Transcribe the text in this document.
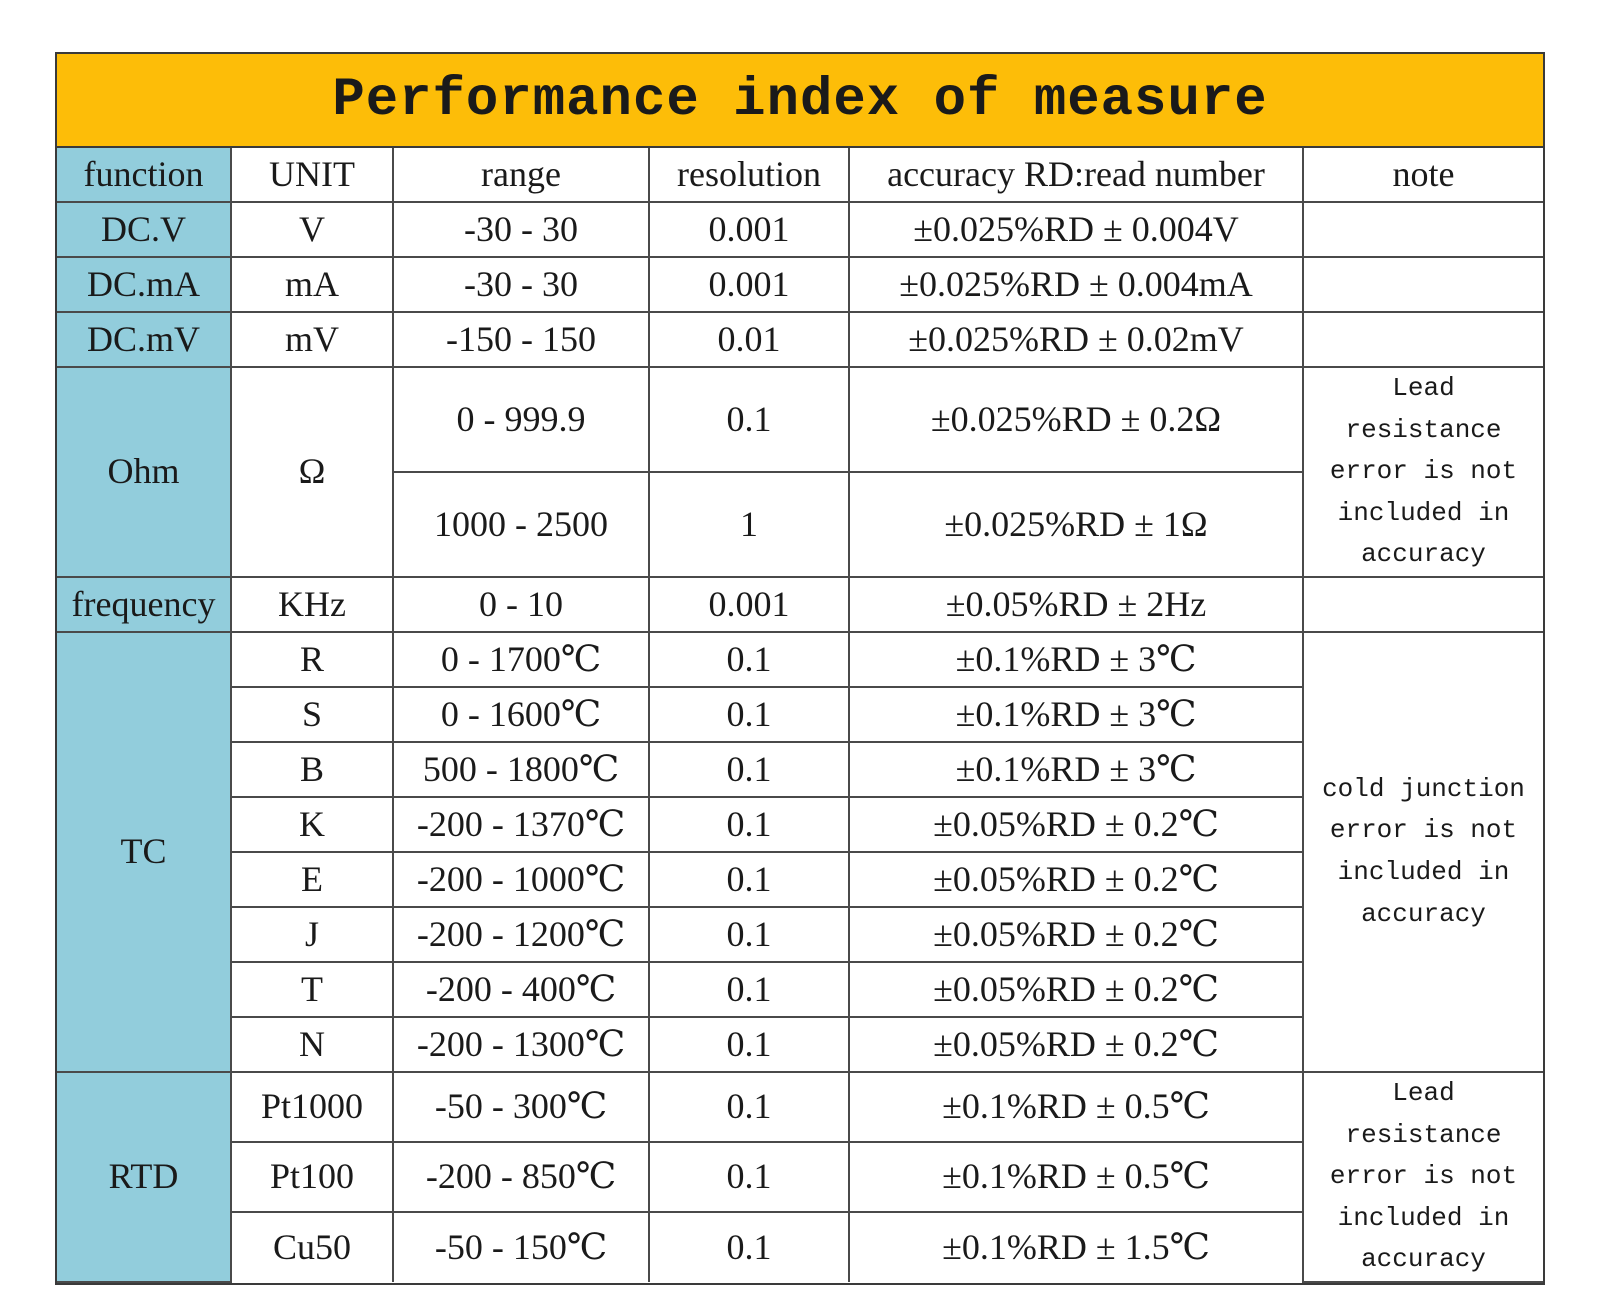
Performance index of measure
function	UNIT	range	resolution	accuracy RD:read number	note
DC.V	V	-30 - 30	0.001	±0.025%RD ± 0.004V	
DC.mA	mA	-30 - 30	0.001	±0.025%RD ± 0.004mA	
DC.mV	mV	-150 - 150	0.01	±0.025%RD ± 0.02mV	
Ohm	Ω	0 - 999.9	0.1	±0.025%RD ± 0.2Ω	Lead resistance error is not included in accuracy
		1000 - 2500	1	±0.025%RD ± 1Ω	
frequency	KHz	0 - 10	0.001	±0.05%RD ± 2Hz	
TC	R	0 - 1700℃	0.1	±0.1%RD ± 3℃	cold junction error is not included in accuracy
	S	0 - 1600℃	0.1	±0.1%RD ± 3℃	
	B	500 - 1800℃	0.1	±0.1%RD ± 3℃	
	K	-200 - 1370℃	0.1	±0.05%RD ± 0.2℃	
	E	-200 - 1000℃	0.1	±0.05%RD ± 0.2℃	
	J	-200 - 1200℃	0.1	±0.05%RD ± 0.2℃	
	T	-200 - 400℃	0.1	±0.05%RD ± 0.2℃	
	N	-200 - 1300℃	0.1	±0.05%RD ± 0.2℃	
RTD	Pt1000	-50 - 300℃	0.1	±0.1%RD ± 0.5℃	Lead resistance error is not included in accuracy
	Pt100	-200 - 850℃	0.1	±0.1%RD ± 0.5℃	
	Cu50	-50 - 150℃	0.1	±0.1%RD ± 1.5℃	
